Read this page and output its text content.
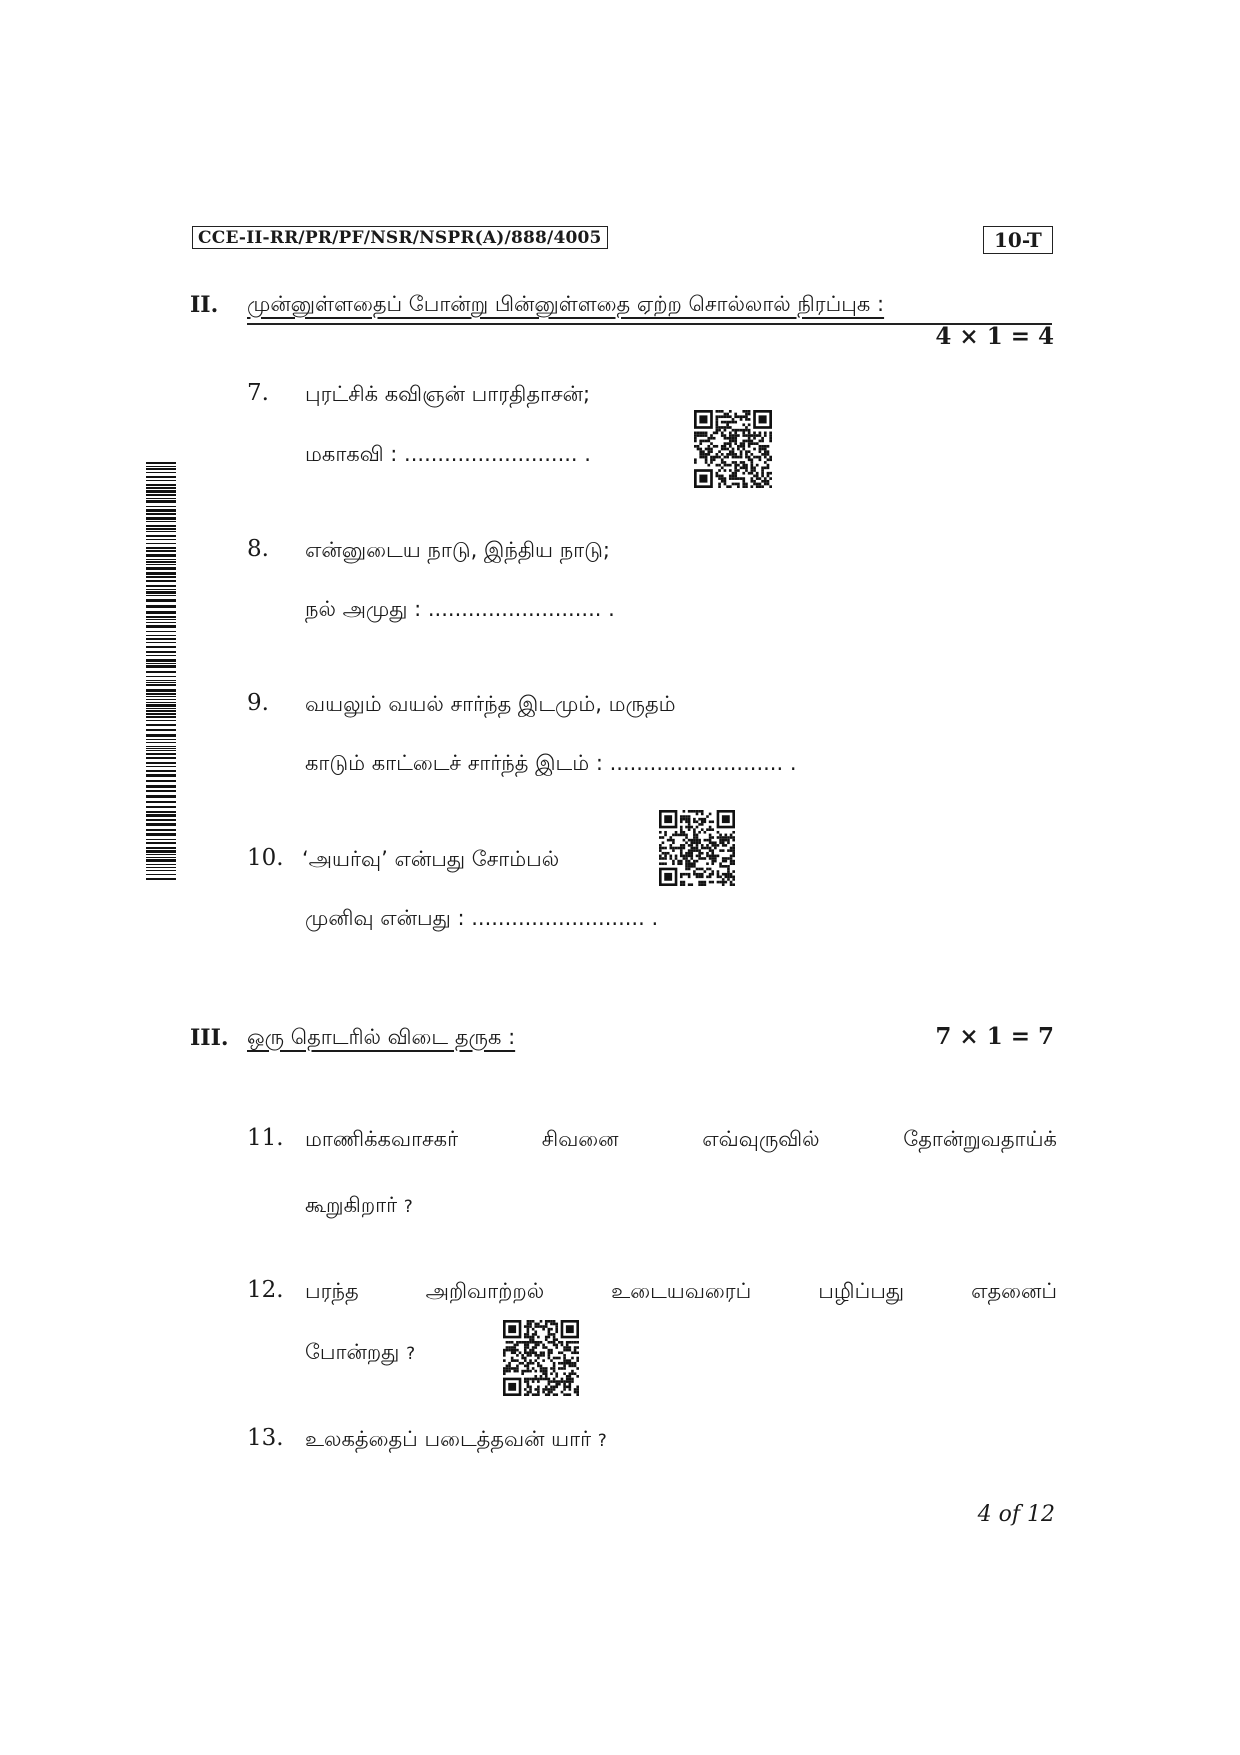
CCE-II-RR/PR/PF/NSR/NSPR(A)/888/4005	10-T
II. முன்னுள்ளதைப் போன்று பின்னுள்ளதை ஏற்ற சொல்லால் நிரப்புக :
4 × 1 = 4
7. புரட்சிக் கவிஞன் பாரதிதாசன்;
மகாகவி : .......................... .
8. என்னுடைய நாடு, இந்திய நாடு;
நல் அமுது : .......................... .
9. வயலும் வயல் சார்ந்த இடமும், மருதம்
காடும் காட்டைச் சார்ந்த் இடம் : .......................... .
10. ‘அயர்வு’ என்பது சோம்பல்
முனிவு என்பது : .......................... .
III. ஒரு தொடரில் விடை தருக :	7 × 1 = 7
11. மாணிக்கவாசகர்	சிவனை	எவ்வுருவில்	தோன்றுவதாய்க்
கூறுகிறார் ?
12. பரந்த	அறிவாற்றல்	உடையவரைப்	பழிப்பது	எதனைப்
போன்றது ?
13. உலகத்தைப் படைத்தவன் யார் ?
4 of 12
